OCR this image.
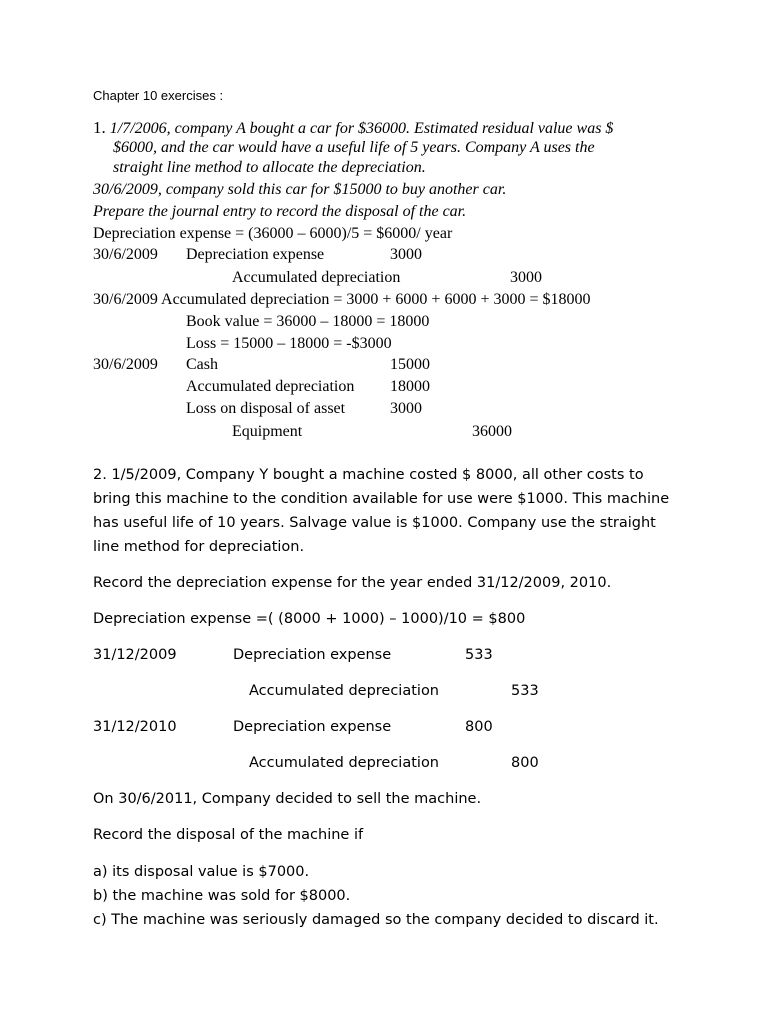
Chapter 10 exercises :
1. 1/7/2006, company A bought a car for $36000. Estimated residual value was $
$6000, and the car would have a useful life of 5 years. Company A uses the
straight line method to allocate the depreciation.
30/6/2009, company sold this car for $15000 to buy another car.
Prepare the journal entry to record the disposal of the car.
Depreciation expense = (36000 – 6000)/5 = $6000/ year
30/6/2009 Depreciation expense	3000
Accumulated depreciation	3000
30/6/2009 Accumulated depreciation = 3000 + 6000 + 6000 + 3000 = $18000
Book value = 36000 – 18000 = 18000
Loss = 15000 – 18000 = -$3000
30/6/2009 Cash	15000
Accumulated depreciation 18000
Loss on disposal of asset	3000
Equipment	36000
2. 1/5/2009, Company Y bought a machine costed $ 8000, all other costs to
bring this machine to the condition available for use were $1000. This machine
has useful life of 10 years. Salvage value is $1000. Company use the straight
line method for depreciation.
Record the depreciation expense for the year ended 31/12/2009, 2010.
Depreciation expense =( (8000 + 1000) – 1000)/10 = $800
31/12/2009	Depreciation expense	533
Accumulated depreciation	533
31/12/2010	Depreciation expense	800
Accumulated depreciation	800
On 30/6/2011, Company decided to sell the machine.
Record the disposal of the machine if
a) its disposal value is $7000.
b) the machine was sold for $8000.
c) The machine was seriously damaged so the company decided to discard it.
